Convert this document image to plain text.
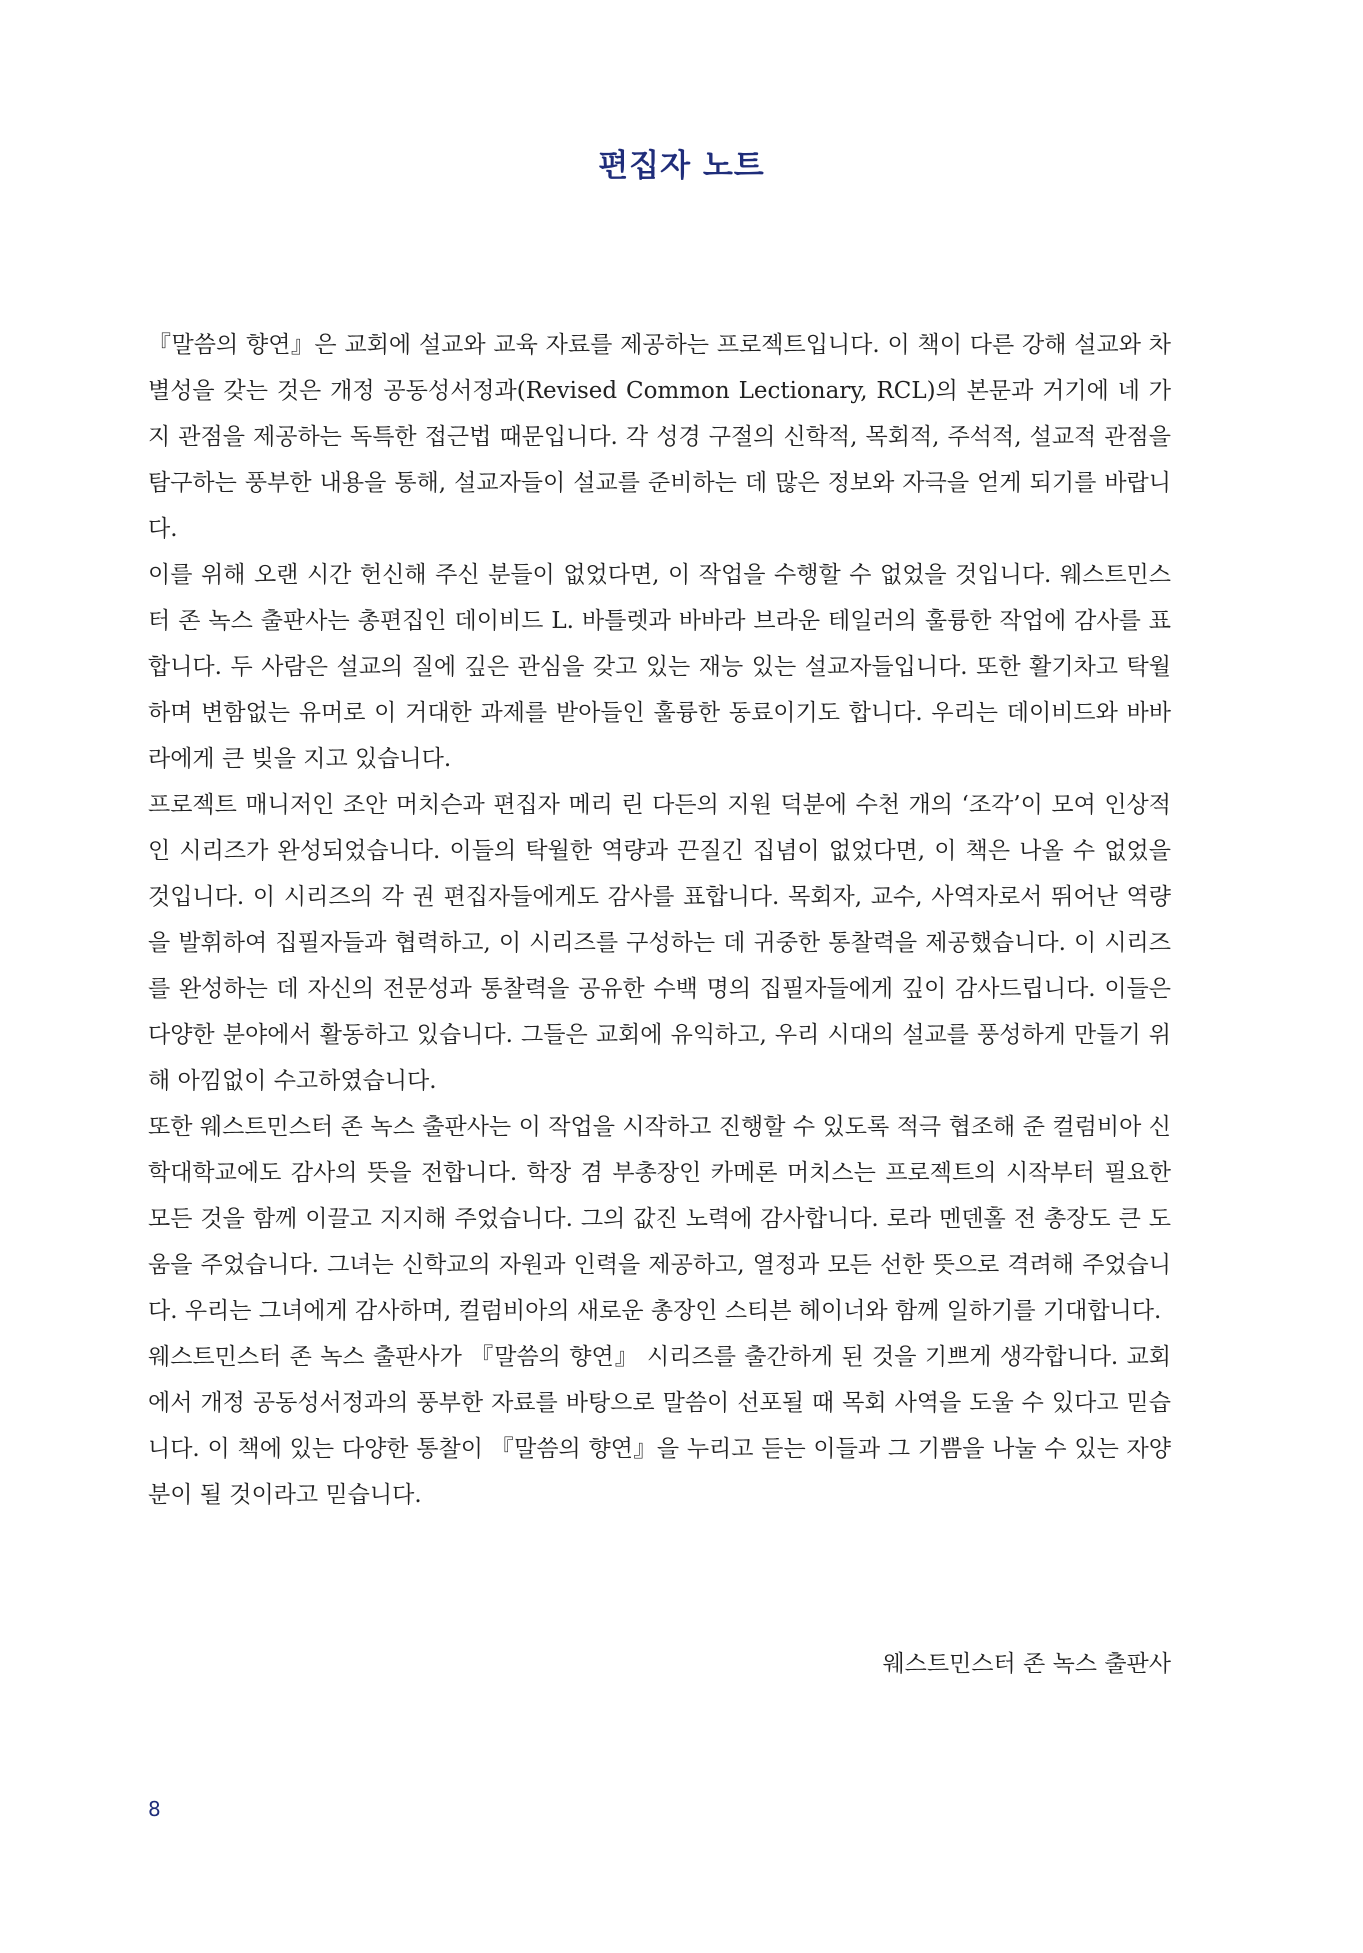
편집자 노트

『말씀의 향연』은 교회에 설교와 교육 자료를 제공하는 프로젝트입니다. 이 책이 다른 강해 설교와 차별성을 갖는 것은 개정 공동성서정과(Revised Common Lectionary, RCL)의 본문과 거기에 네 가지 관점을 제공하는 독특한 접근법 때문입니다. 각 성경 구절의 신학적, 목회적, 주석적, 설교적 관점을 탐구하는 풍부한 내용을 통해, 설교자들이 설교를 준비하는 데 많은 정보와 자극을 얻게 되기를 바랍니다.

이를 위해 오랜 시간 헌신해 주신 분들이 없었다면, 이 작업을 수행할 수 없었을 것입니다. 웨스트민스터 존 녹스 출판사는 총편집인 데이비드 L. 바틀렛과 바바라 브라운 테일러의 훌륭한 작업에 감사를 표합니다. 두 사람은 설교의 질에 깊은 관심을 갖고 있는 재능 있는 설교자들입니다. 또한 활기차고 탁월하며 변함없는 유머로 이 거대한 과제를 받아들인 훌륭한 동료이기도 합니다. 우리는 데이비드와 바바라에게 큰 빚을 지고 있습니다.

프로젝트 매니저인 조안 머치슨과 편집자 메리 린 다든의 지원 덕분에 수천 개의 ‘조각’이 모여 인상적인 시리즈가 완성되었습니다. 이들의 탁월한 역량과 끈질긴 집념이 없었다면, 이 책은 나올 수 없었을 것입니다. 이 시리즈의 각 권 편집자들에게도 감사를 표합니다. 목회자, 교수, 사역자로서 뛰어난 역량을 발휘하여 집필자들과 협력하고, 이 시리즈를 구성하는 데 귀중한 통찰력을 제공했습니다. 이 시리즈를 완성하는 데 자신의 전문성과 통찰력을 공유한 수백 명의 집필자들에게 깊이 감사드립니다. 이들은 다양한 분야에서 활동하고 있습니다. 그들은 교회에 유익하고, 우리 시대의 설교를 풍성하게 만들기 위해 아낌없이 수고하였습니다.

또한 웨스트민스터 존 녹스 출판사는 이 작업을 시작하고 진행할 수 있도록 적극 협조해 준 컬럼비아 신학대학교에도 감사의 뜻을 전합니다. 학장 겸 부총장인 카메론 머치스는 프로젝트의 시작부터 필요한 모든 것을 함께 이끌고 지지해 주었습니다. 그의 값진 노력에 감사합니다. 로라 멘덴홀 전 총장도 큰 도움을 주었습니다. 그녀는 신학교의 자원과 인력을 제공하고, 열정과 모든 선한 뜻으로 격려해 주었습니다. 우리는 그녀에게 감사하며, 컬럼비아의 새로운 총장인 스티븐 헤이너와 함께 일하기를 기대합니다.

웨스트민스터 존 녹스 출판사가 『말씀의 향연』 시리즈를 출간하게 된 것을 기쁘게 생각합니다. 교회에서 개정 공동성서정과의 풍부한 자료를 바탕으로 말씀이 선포될 때 목회 사역을 도울 수 있다고 믿습니다. 이 책에 있는 다양한 통찰이 『말씀의 향연』을 누리고 듣는 이들과 그 기쁨을 나눌 수 있는 자양분이 될 것이라고 믿습니다.

웨스트민스터 존 녹스 출판사
8
